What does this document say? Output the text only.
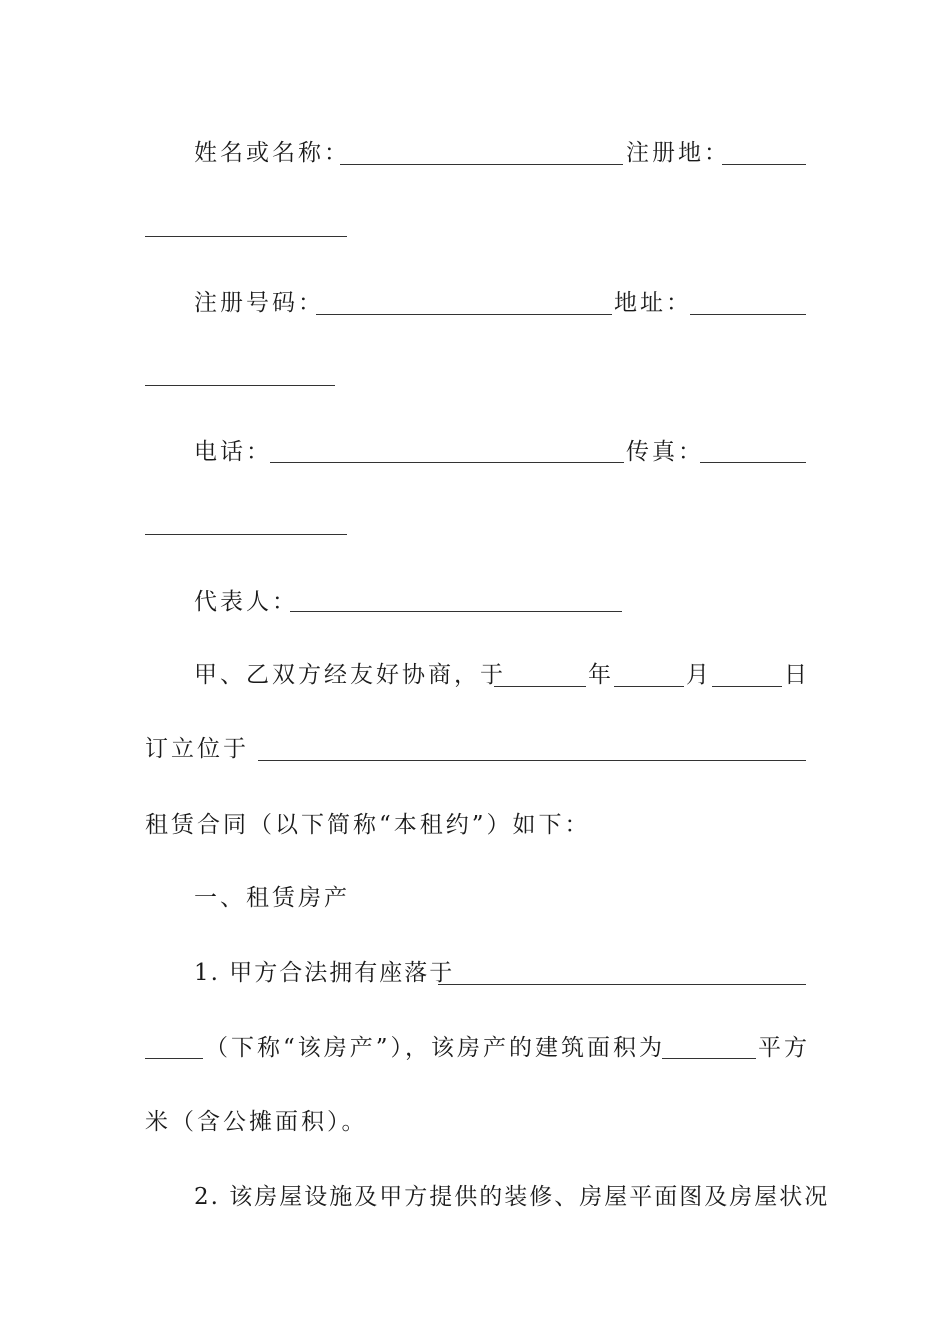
姓名或名称：	注册地：
注册号码：	地址：
电话：	传真：
代表人：
甲、乙双方经友好协商，于	年	月	日
订立位于
租赁合同（以下简称“本租约”）如下：
一、租赁房产
1. 甲方合法拥有座落于
（下称“该房产”），该房产的建筑面积为	平方
米（含公摊面积）。
2. 该房屋设施及甲方提供的装修、房屋平面图及房屋状况
